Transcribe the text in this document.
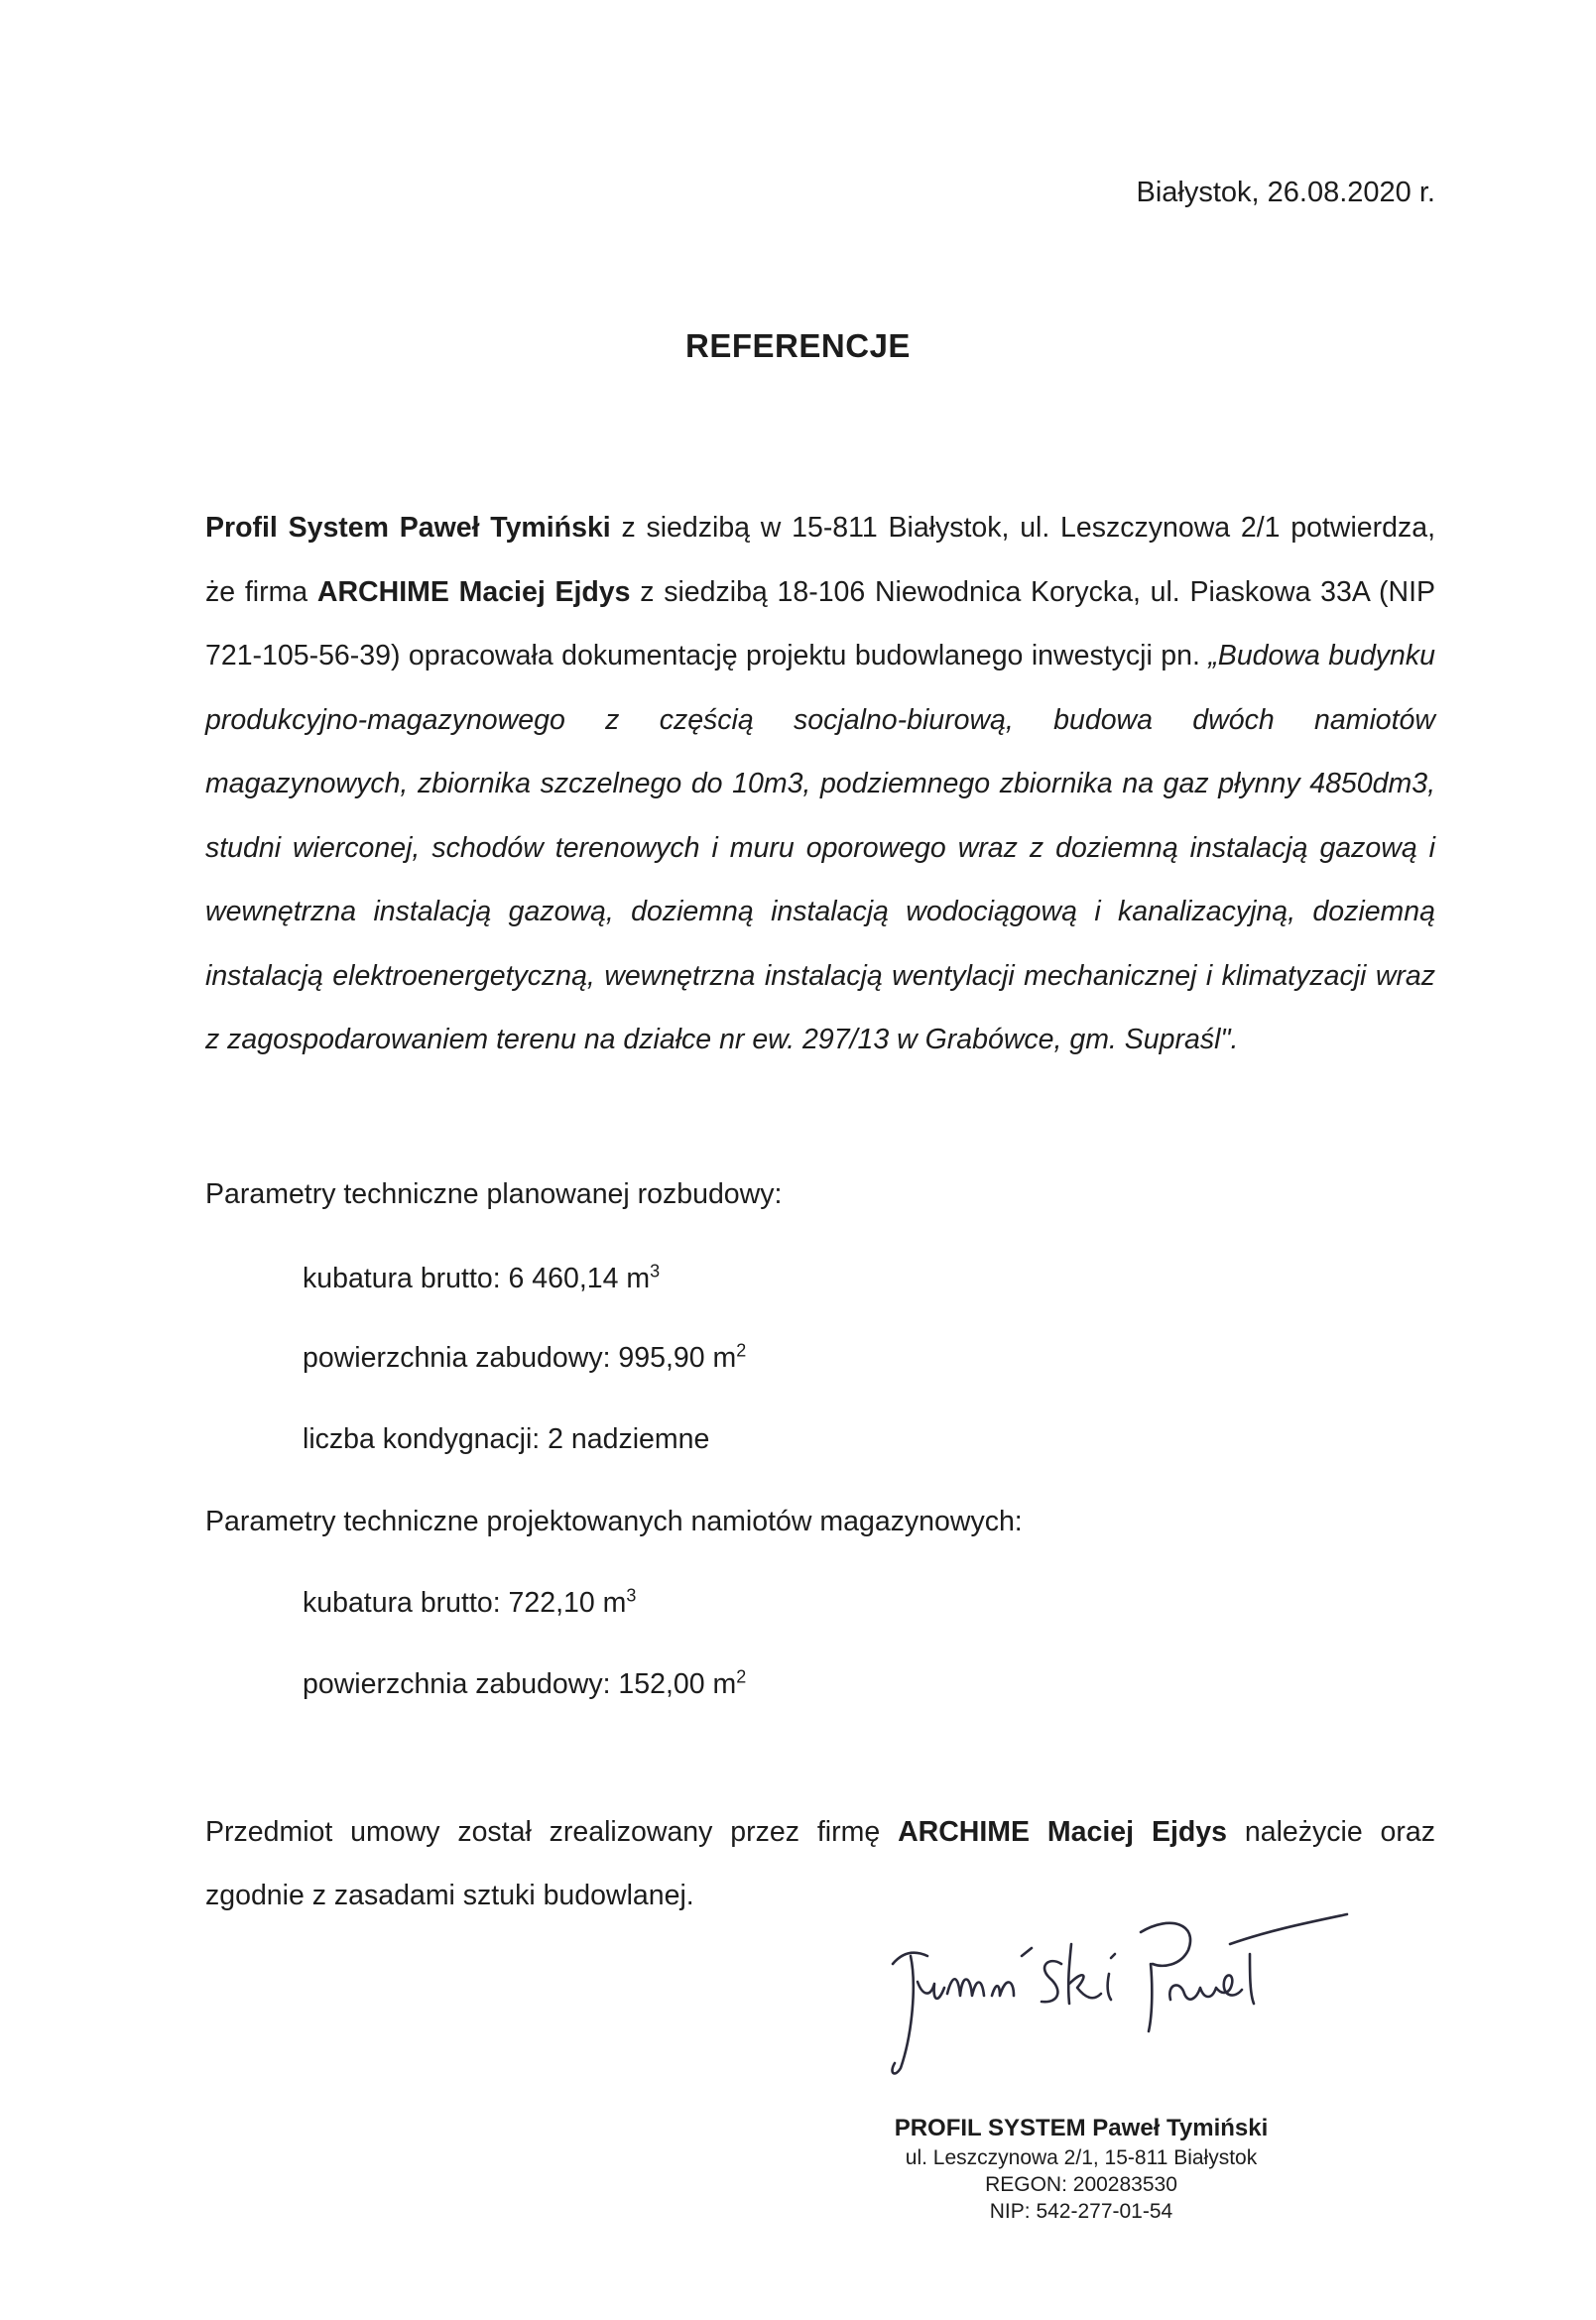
Białystok, 26.08.2020 r.
REFERENCJE
Profil System Paweł Tymiński z siedzibą w 15-811 Białystok, ul. Leszczynowa 2/1 potwierdza, że firma ARCHIME Maciej Ejdys z siedzibą 18-106 Niewodnica Korycka, ul. Piaskowa 33A (NIP 721-105-56-39) opracowała dokumentację projektu budowlanego inwestycji pn. „Budowa budynku produkcyjno-magazynowego z częścią socjalno-biurową, budowa dwóch namiotów magazynowych, zbiornika szczelnego do 10m3, podziemnego zbiornika na gaz płynny 4850dm3, studni wierconej, schodów terenowych i muru oporowego wraz z doziemną instalacją gazową i wewnętrzna instalacją gazową, doziemną instalacją wodociągową i kanalizacyjną, doziemną instalacją elektroenergetyczną, wewnętrzna instalacją wentylacji mechanicznej i klimatyzacji wraz z zagospodarowaniem terenu na działce nr ew. 297/13 w Grabówce, gm. Supraśl".
Parametry techniczne planowanej rozbudowy:
kubatura brutto: 6 460,14 $m^3$
powierzchnia zabudowy: 995,90 $m^2$
liczba kondygnacji: 2 nadziemne
Parametry techniczne projektowanych namiotów magazynowych:
kubatura brutto: 722,10 $m^3$
powierzchnia zabudowy: 152,00 $m^2$
Przedmiot umowy został zrealizowany przez firmę ARCHIME Maciej Ejdys należycie oraz zgodnie z zasadami sztuki budowlanej.
PROFIL SYSTEM Paweł Tymiński
ul. Leszczynowa 2/1, 15-811 Białystok
REGON: 200283530
NIP: 542-277-01-54
